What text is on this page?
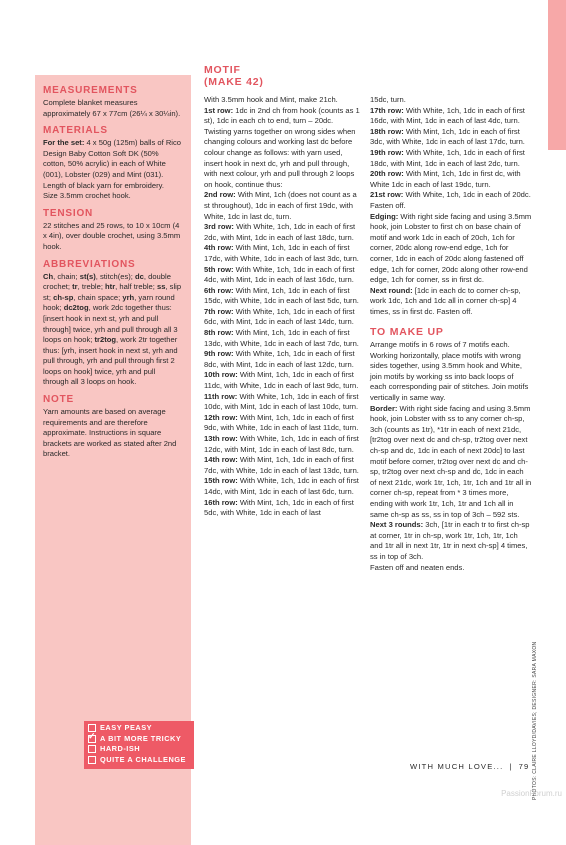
MEASUREMENTS

Complete blanket measures approximately 67 x 77cm (26¼ x 30¼in).

MATERIALS

For the set: 4 x 50g (125m) balls of Rico Design Baby Cotton Soft DK (50% cotton, 50% acrylic) in each of White (001), Lobster (029) and Mint (031). Length of black yarn for embroidery.

Size 3.5mm crochet hook.

TENSION

22 stitches and 25 rows, to 10 x 10cm (4 x 4in), over double crochet, using 3.5mm hook.

ABBREVIATIONS

Ch, chain; st(s), stitch(es); dc, double crochet; tr, treble; htr, half treble; ss, slip st; ch-sp, chain space; yrh, yarn round hook; dc2tog, work 2dc together thus: [insert hook in next st, yrh and pull through] twice, yrh and pull through all 3 loops on hook; tr2tog, work 2tr together thus: [yrh, insert hook in next st, yrh and pull through, yrh and pull through first 2 loops on hook] twice, yrh and pull through all 3 loops on hook.

NOTE

Yarn amounts are based on average requirements and are therefore approximate. Instructions in square brackets are worked as stated after 2nd bracket.

EASY PEASY
✓
A BIT MORE TRICKY
HARD-ISH
QUITE A CHALLENGE
MOTIF
(MAKE 42)

With 3.5mm hook and Mint, make 21ch.

1st row: 1dc in 2nd ch from hook (counts as 1 st), 1dc in each ch to end, turn – 20dc. Twisting yarns together on wrong sides when changing colours and working last dc before colour change as follows: with yarn used, insert hook in next dc, yrh and pull through, with next colour, yrh and pull through 2 loops on hook, continue thus:

2nd row: With Mint, 1ch (does not count as a st throughout), 1dc in each of first 19dc, with White, 1dc in last dc, turn.

3rd row: With White, 1ch, 1dc in each of first 2dc, with Mint, 1dc in each of last 18dc, turn.

4th row: With Mint, 1ch, 1dc in each of first 17dc, with White, 1dc in each of last 3dc, turn.

5th row: With White, 1ch, 1dc in each of first 4dc, with Mint, 1dc in each of last 16dc, turn.

6th row: With Mint, 1ch, 1dc in each of first 15dc, with White, 1dc in each of last 5dc, turn.

7th row: With White, 1ch, 1dc in each of first 6dc, with Mint, 1dc in each of last 14dc, turn.

8th row: With Mint, 1ch, 1dc in each of first 13dc, with White, 1dc in each of last 7dc, turn.

9th row: With White, 1ch, 1dc in each of first 8dc, with Mint, 1dc in each of last 12dc, turn.

10th row: With Mint, 1ch, 1dc in each of first 11dc, with White, 1dc in each of last 9dc, turn.

11th row: With White, 1ch, 1dc in each of first 10dc, with Mint, 1dc in each of last 10dc, turn.

12th row: With Mint, 1ch, 1dc in each of first 9dc, with White, 1dc in each of last 11dc, turn.

13th row: With White, 1ch, 1dc in each of first 12dc, with Mint, 1dc in each of last 8dc, turn.

14th row: With Mint, 1ch, 1dc in each of first 7dc, with White, 1dc in each of last 13dc, turn.

15th row: With White, 1ch, 1dc in each of first 14dc, with Mint, 1dc in each of last 6dc, turn.

16th row: With Mint, 1ch, 1dc in each of first 5dc, with White, 1dc in each of last

15dc, turn.

17th row: With White, 1ch, 1dc in each of first 16dc, with Mint, 1dc in each of last 4dc, turn.

18th row: With Mint, 1ch, 1dc in each of first 3dc, with White, 1dc in each of last 17dc, turn.

19th row: With White, 1ch, 1dc in each of first 18dc, with Mint, 1dc in each of last 2dc, turn.

20th row: With Mint, 1ch, 1dc in first dc, with White 1dc in each of last 19dc, turn.

21st row: With White, 1ch, 1dc in each of 20dc. Fasten off.

Edging: With right side facing and using 3.5mm hook, join Lobster to first ch on base chain of motif and work 1dc in each of 20ch, 1ch for corner, 20dc along row-end edge, 1ch for corner, 1dc in each of 20dc along fastened off edge, 1ch for corner, 20dc along other row-end edge, 1ch for corner, ss in first dc.

Next round: [1dc in each dc to corner ch-sp, work 1dc, 1ch and 1dc all in corner ch-sp] 4 times, ss in first dc. Fasten off.

TO MAKE UP

Arrange motifs in 6 rows of 7 motifs each. Working horizontally, place motifs with wrong sides together, using 3.5mm hook and White, join motifs by working ss into back loops of each corresponding pair of stitches. Join motifs vertically in same way.

Border: With right side facing and using 3.5mm hook, join Lobster with ss to any corner ch-sp, 3ch (counts as 1tr), *1tr in each of next 21dc, [tr2tog over next dc and ch-sp, tr2tog over next ch-sp and dc, 1dc in each of next 20dc] to last motif before corner, tr2tog over next dc and ch-sp, tr2tog over next ch-sp and dc, 1dc in each of next 21dc, work 1tr, 1ch, 1tr, 1ch and 1tr all in corner ch-sp, repeat from * 3 times more, ending with work 1tr, 1ch, 1tr and 1ch all in same ch-sp as ss, ss in top of 3ch – 592 sts.

Next 3 rounds: 3ch, [1tr in each tr to first ch-sp at corner, 1tr in ch-sp, work 1tr, 1ch, 1tr, 1ch and 1tr all in next 1tr, 1tr in next ch-sp] 4 times, ss in top of 3ch.

Fasten off and neaten ends.

PHOTOS: CLAIRE LLOYD/DAVIES; DESIGNER: SARA MAXON
WITH MUCH LOVE... | 79
PassionForum.ru
